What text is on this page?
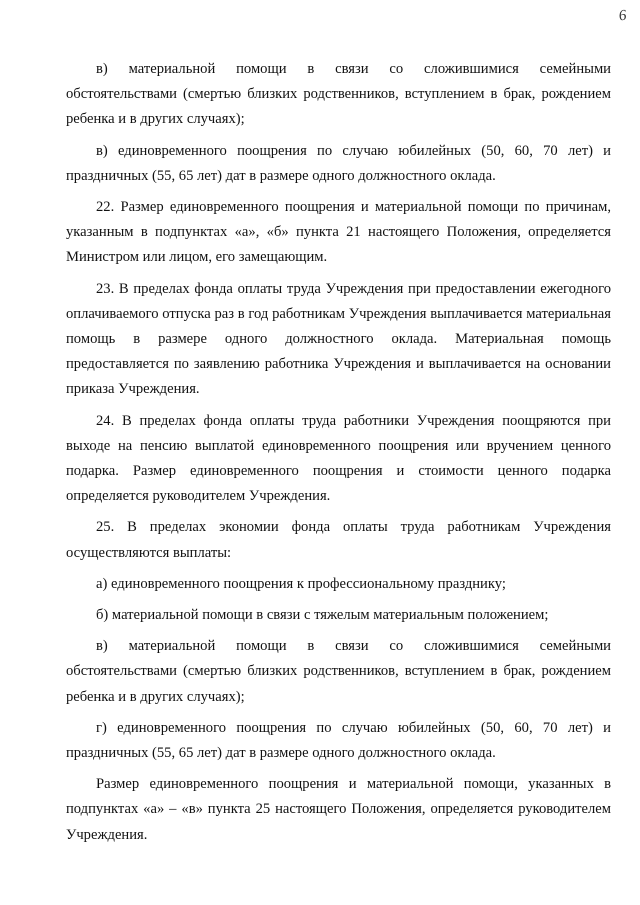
6

в)  материальной  помощи  в  связи  со  сложившимися  семейными обстоятельствами (смертью близких родственников, вступлением в брак, рождением ребенка и в других случаях);

в) единовременного поощрения по случаю юбилейных (50, 60, 70 лет) и праздничных (55, 65 лет) дат в размере одного должностного оклада.

22. Размер единовременного поощрения и материальной помощи по причинам, указанным в подпунктах «а», «б» пункта 21 настоящего Положения, определяется Министром или лицом, его замещающим.

23. В пределах фонда оплаты труда Учреждения при предоставлении ежегодного оплачиваемого отпуска раз в год работникам Учреждения выплачивается материальная помощь в размере одного должностного оклада. Материальная помощь предоставляется по заявлению работника Учреждения и выплачивается на основании приказа Учреждения.

24. В пределах фонда оплаты труда работники Учреждения поощряются при выходе на пенсию выплатой единовременного поощрения или вручением ценного подарка. Размер единовременного поощрения и стоимости ценного подарка определяется руководителем Учреждения.

25. В пределах экономии фонда оплаты труда работникам Учреждения осуществляются выплаты:

а) единовременного поощрения к профессиональному празднику;

б) материальной помощи в связи с тяжелым материальным положением;

в)  материальной  помощи  в  связи  со  сложившимися  семейными обстоятельствами (смертью близких родственников, вступлением в брак, рождением ребенка и в других случаях);

г) единовременного поощрения по случаю юбилейных (50, 60, 70 лет) и праздничных (55, 65 лет) дат в размере одного должностного оклада.

Размер единовременного поощрения и материальной помощи, указанных в подпунктах «а» – «в» пункта 25 настоящего Положения, определяется руководителем Учреждения.
